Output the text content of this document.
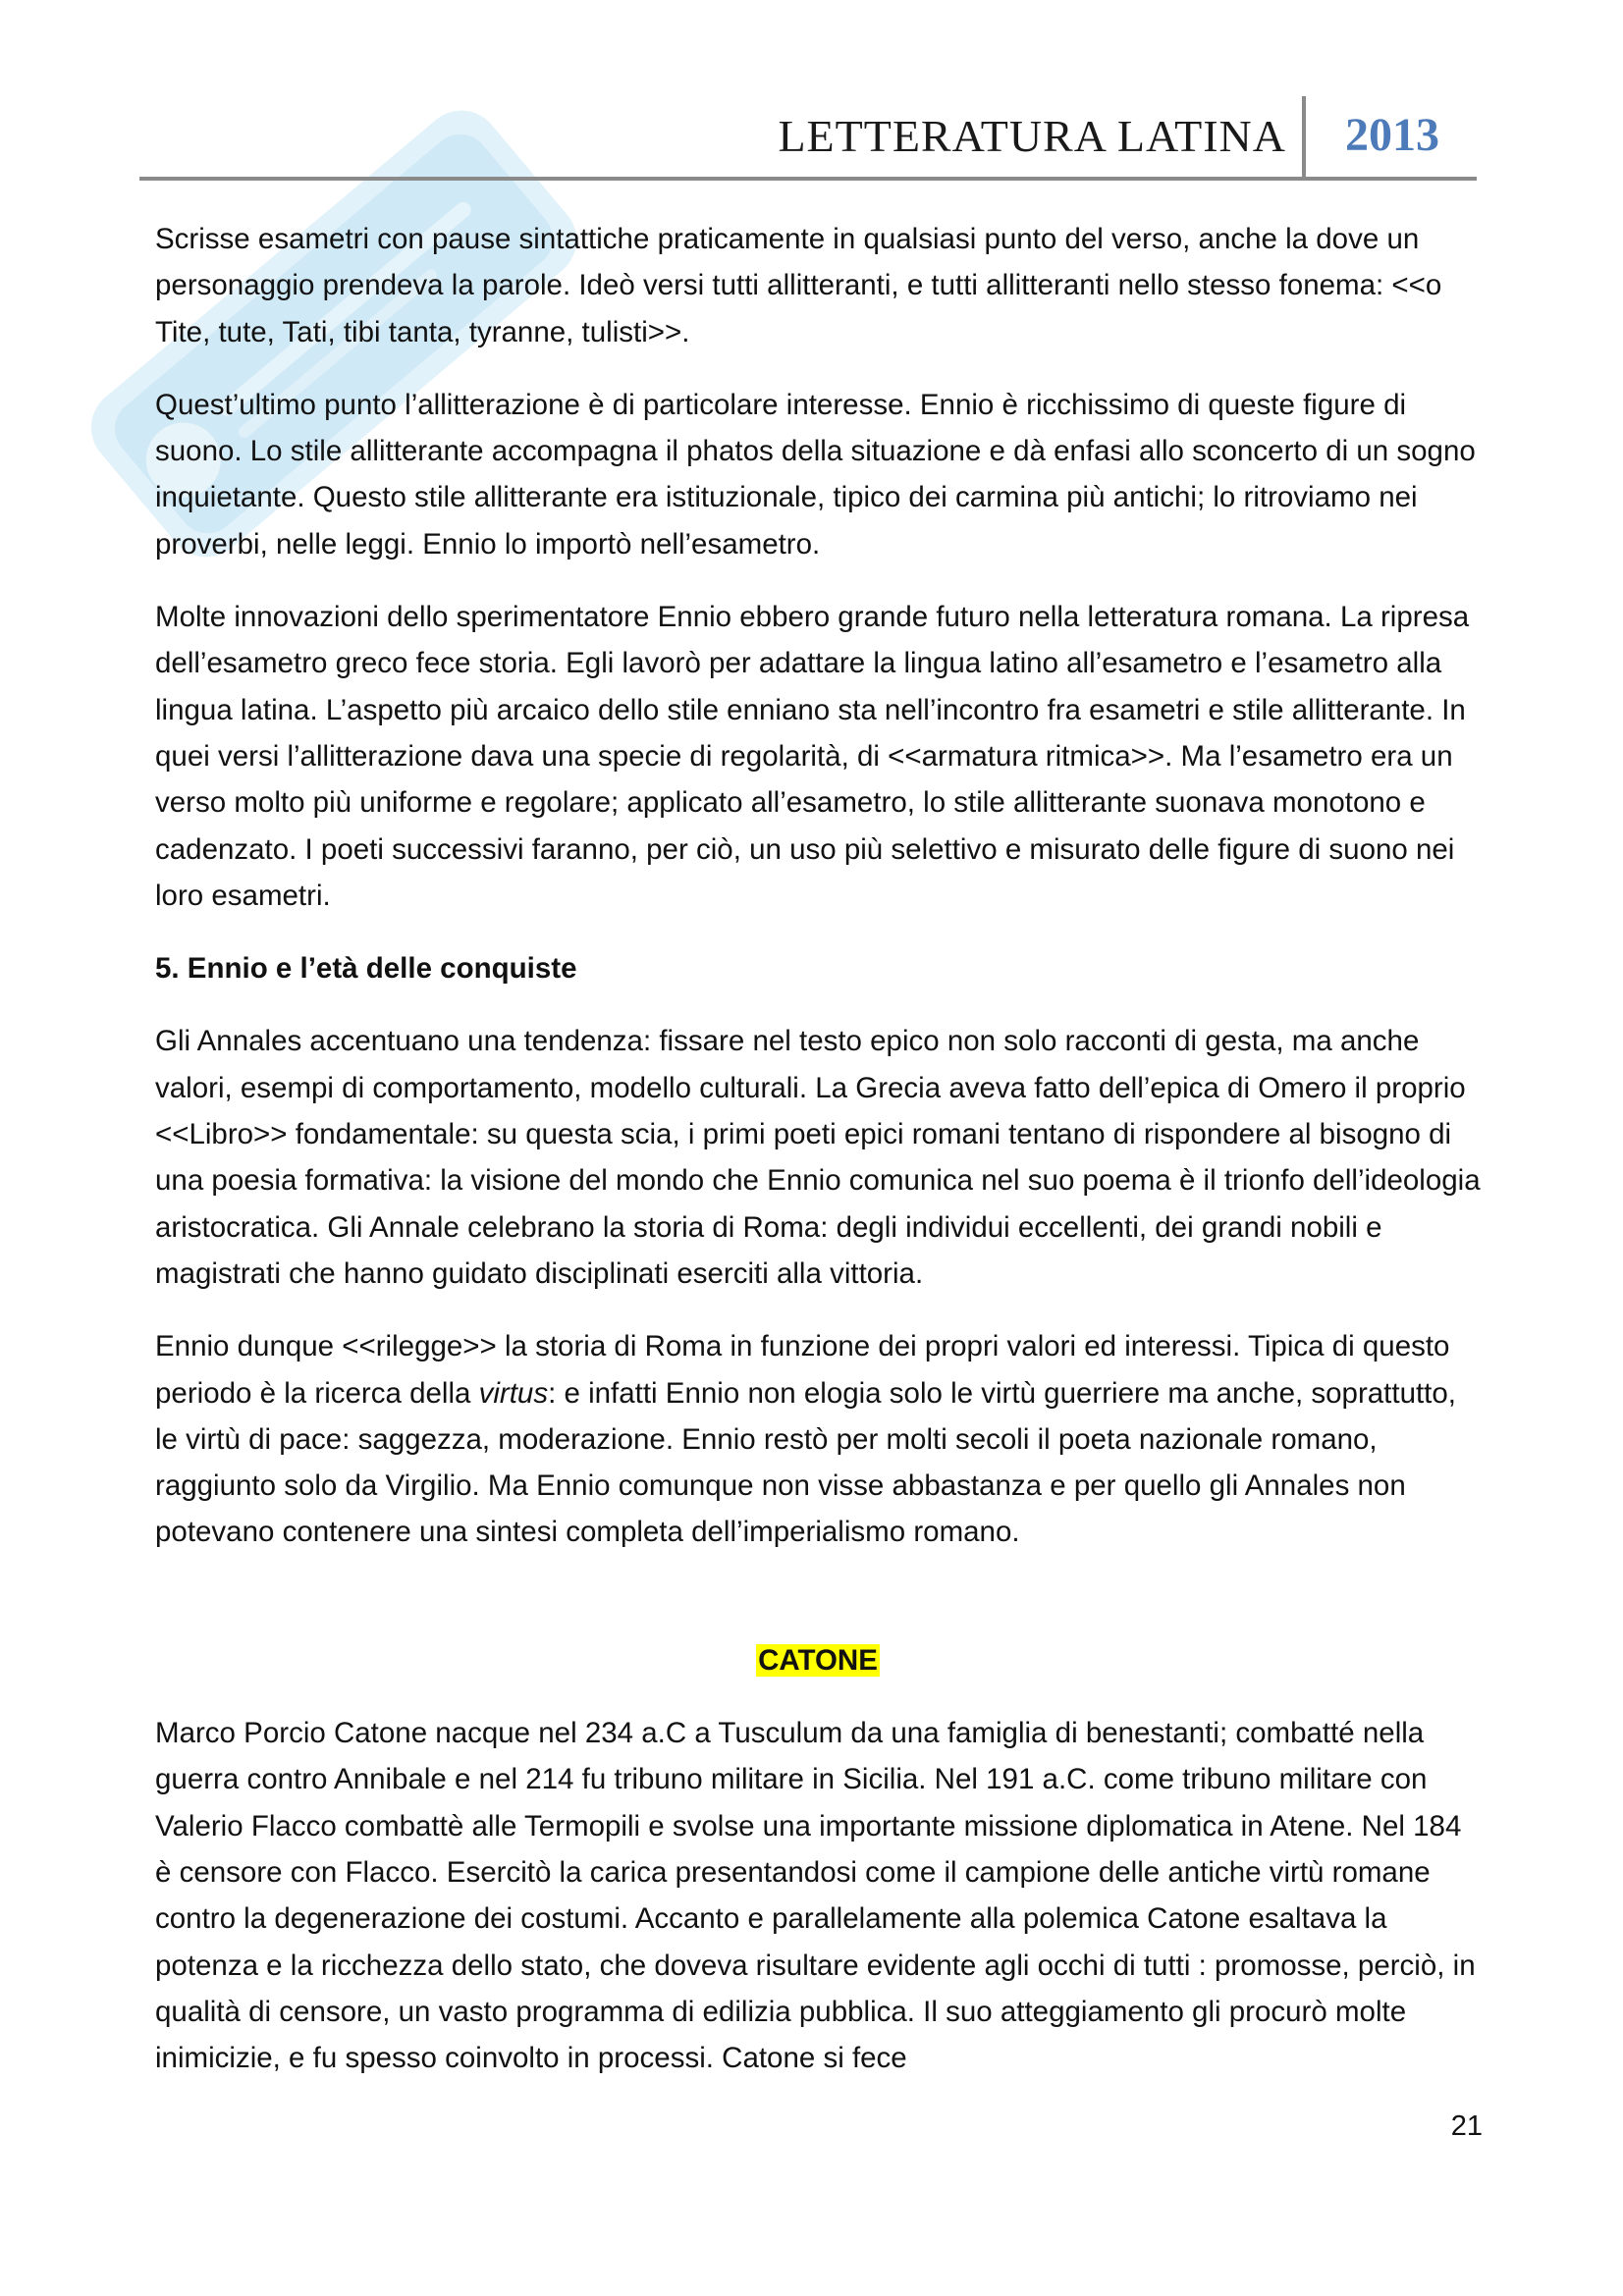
LETTERATURA LATINA 2013

Scrisse esametri con pause sintattiche praticamente in qualsiasi punto del verso, anche la dove un personaggio prendeva la parole. Ideò versi tutti allitteranti, e tutti allitteranti nello stesso fonema: <<o Tite, tute, Tati, tibi tanta, tyranne, tulisti>>.

Quest’ultimo punto l’allitterazione è di particolare interesse. Ennio è ricchissimo di queste figure di suono. Lo stile allitterante accompagna il phatos della situazione e dà enfasi allo sconcerto di un sogno inquietante. Questo stile allitterante era istituzionale, tipico dei carmina più antichi; lo ritroviamo nei proverbi, nelle leggi. Ennio lo importò nell’esametro.

Molte innovazioni dello sperimentatore Ennio ebbero grande futuro nella letteratura romana. La ripresa dell’esametro greco fece storia. Egli lavorò per adattare la lingua latino all’esametro e l’esametro alla lingua latina. L’aspetto più arcaico dello stile enniano sta nell’incontro fra esametri e stile allitterante. In quei versi l’allitterazione dava una specie di regolarità, di <<armatura ritmica>>. Ma l’esametro era un verso molto più uniforme e regolare; applicato all’esametro, lo stile allitterante suonava monotono e cadenzato. I poeti successivi faranno, per ciò, un uso più selettivo e misurato delle figure di suono nei loro esametri.

5. Ennio e l’età delle conquiste

Gli Annales accentuano una tendenza: fissare nel testo epico non solo racconti di gesta, ma anche valori, esempi di comportamento, modello culturali. La Grecia aveva fatto dell’epica di Omero il proprio <<Libro>> fondamentale: su questa scia, i primi poeti epici romani tentano di rispondere al bisogno di una poesia formativa: la visione del mondo che Ennio comunica nel suo poema è il trionfo dell’ideologia aristocratica. Gli Annale celebrano la storia di Roma: degli individui eccellenti, dei grandi nobili e magistrati che hanno guidato disciplinati eserciti alla vittoria.

Ennio dunque <<rilegge>> la storia di Roma in funzione dei propri valori ed interessi. Tipica di questo periodo è la ricerca della virtus: e infatti Ennio non elogia solo le virtù guerriere ma anche, soprattutto, le virtù di pace: saggezza, moderazione. Ennio restò per molti secoli il poeta nazionale romano, raggiunto solo da Virgilio. Ma Ennio comunque non visse abbastanza e per quello gli Annales non potevano contenere una sintesi completa dell’imperialismo romano.

CATONE

Marco Porcio Catone nacque nel 234 a.C a Tusculum da una famiglia di benestanti; combatté nella guerra contro Annibale e nel 214 fu tribuno militare in Sicilia. Nel 191 a.C. come tribuno militare con Valerio Flacco combattè alle Termopili e svolse una importante missione diplomatica in Atene. Nel 184 è censore con Flacco. Esercitò la carica presentandosi come il campione delle antiche virtù romane contro la degenerazione dei costumi. Accanto e parallelamente alla polemica Catone esaltava la potenza e la ricchezza dello stato, che doveva risultare evidente agli occhi di tutti : promosse, perciò, in qualità di censore, un vasto programma di edilizia pubblica. Il suo atteggiamento gli procurò molte inimicizie, e fu spesso coinvolto in processi. Catone si fece

21
